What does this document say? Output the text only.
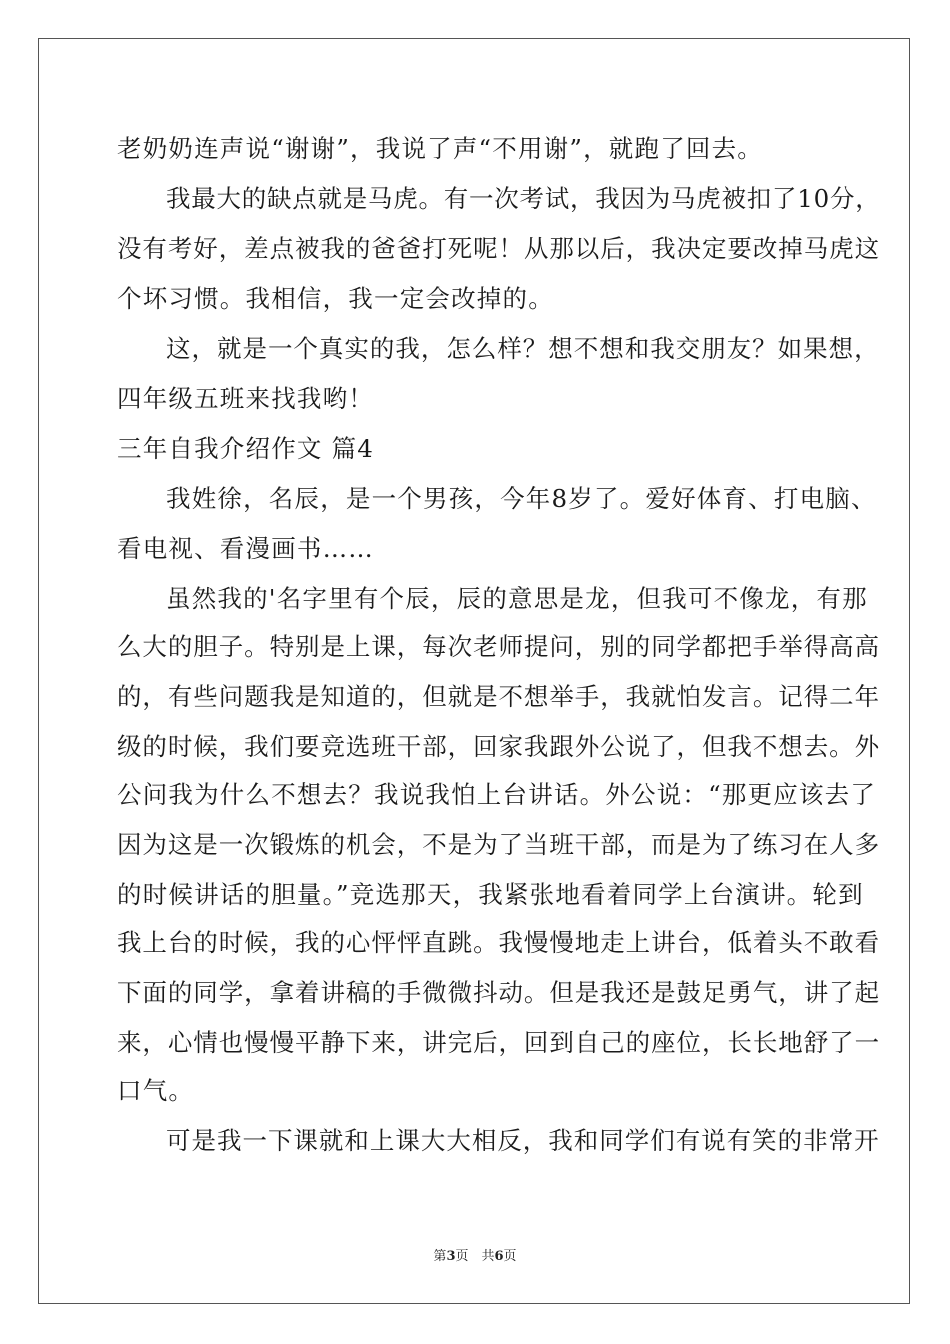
老奶奶连声说“谢谢”，我说了声“不用谢”，就跑了回去。

我最大的缺点就是马虎。有一次考试，我因为马虎被扣了10分，

没有考好，差点被我的爸爸打死呢！从那以后，我决定要改掉马虎这

个坏习惯。我相信，我一定会改掉的。

这，就是一个真实的我，怎么样？想不想和我交朋友？如果想，

四年级五班来找我哟！

三年自我介绍作文 篇4

我姓徐，名辰，是一个男孩，今年8岁了。爱好体育、打电脑、

看电视、看漫画书……

虽然我的'名字里有个辰，辰的意思是龙，但我可不像龙，有那

么大的胆子。特别是上课，每次老师提问，别的同学都把手举得高高

的，有些问题我是知道的，但就是不想举手，我就怕发言。记得二年

级的时候，我们要竞选班干部，回家我跟外公说了，但我不想去。外

公问我为什么不想去？我说我怕上台讲话。外公说：“那更应该去了

因为这是一次锻炼的机会，不是为了当班干部，而是为了练习在人多

的时候讲话的胆量。”竞选那天，我紧张地看着同学上台演讲。轮到

我上台的时候，我的心怦怦直跳。我慢慢地走上讲台，低着头不敢看

下面的同学，拿着讲稿的手微微抖动。但是我还是鼓足勇气，讲了起

来，心情也慢慢平静下来，讲完后，回到自己的座位，长长地舒了一

口气。

可是我一下课就和上课大大相反，我和同学们有说有笑的非常开

第3页　共6页
